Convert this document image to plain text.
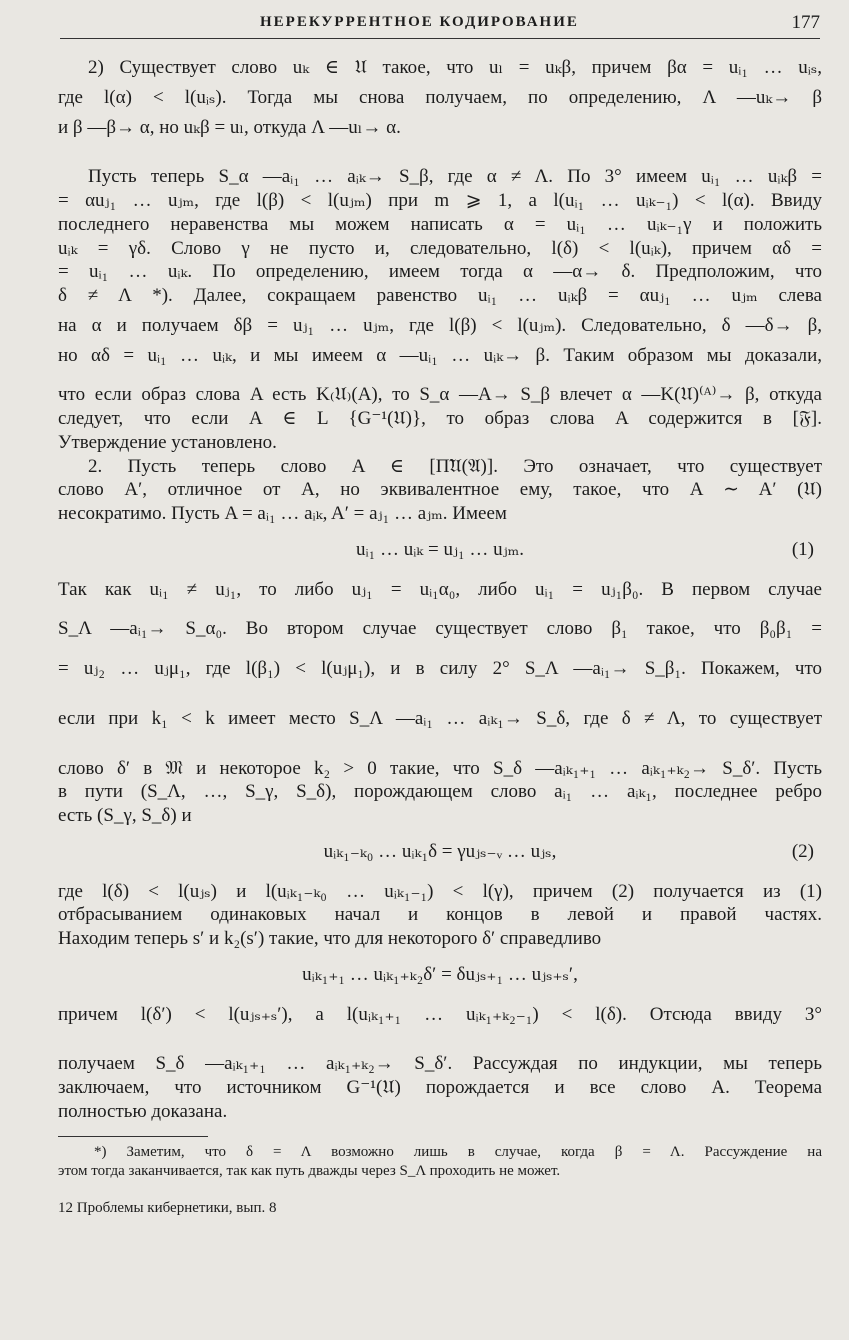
НЕРЕКУРРЕНТНОЕ КОДИРОВАНИЕ	177
2) Существует слово uₖ ∈ 𝔘 такое, что uₗ = uₖβ, причем βα = uᵢ₁ … uᵢₛ,
где l(α) < l(uᵢₛ). Тогда мы снова получаем, по определению, Λ —uₖ→ β
и β —β→ α, но uₖβ = uₗ, откуда Λ —uₗ→ α.
Пусть теперь S_α —aᵢ₁ … aᵢₖ→ S_β, где α ≠ Λ. По 3° имеем uᵢ₁ … uᵢₖβ =
= αuⱼ₁ … uⱼₘ, где l(β) < l(uⱼₘ) при m ⩾ 1, а l(uᵢ₁ … uᵢₖ₋₁) < l(α). Ввиду
последнего неравенства мы можем написать α = uᵢ₁ … uᵢₖ₋₁γ и положить
uᵢₖ = γδ. Слово γ не пусто и, следовательно, l(δ) < l(uᵢₖ), причем αδ =
= uᵢ₁ … uᵢₖ. По определению, имеем тогда α —α→ δ. Предположим, что
δ ≠ Λ *). Далее, сокращаем равенство uᵢ₁ … uᵢₖβ = αuⱼ₁ … uⱼₘ слева
на α и получаем δβ = uⱼ₁ … uⱼₘ, где l(β) < l(uⱼₘ). Следовательно, δ —δ→ β,
но αδ = uᵢ₁ … uᵢₖ, и мы имеем α —uᵢ₁ … uᵢₖ→ β. Таким образом мы доказали,
что если образ слова A есть K₍𝔘₎(A), то S_α —A→ S_β влечет α —K(𝔘)⁽ᴬ⁾→ β, откуда
следует, что если A ∈ L {G⁻¹(𝔘)}, то образ слова A содержится в [𝔉].
Утверждение установлено.
2. Пусть теперь слово A ∈ [Π̃𝔘(𝔄)]. Это означает, что существует
слово A′, отличное от A, но эквивалентное ему, такое, что A ∼ A′ (𝔘)
несократимо. Пусть A = aᵢ₁ … aᵢₖ, A′ = aⱼ₁ … aⱼₘ. Имеем
uᵢ₁ … uᵢₖ = uⱼ₁ … uⱼₘ.	(1)
Так как uᵢ₁ ≠ uⱼ₁, то либо uⱼ₁ = uᵢ₁α₀, либо uᵢ₁ = uⱼ₁β₀. В первом случае
S_Λ —aᵢ₁→ S_α₀. Во втором случае существует слово β₁ такое, что β₀β₁ =
= uⱼ₂ … uⱼμ₁, где l(β₁) < l(uⱼμ₁), и в силу 2° S_Λ —aᵢ₁→ S_β₁. Покажем, что
если при k₁ < k имеет место S_Λ —aᵢ₁ … aᵢₖ₁→ S_δ, где δ ≠ Λ, то существует
слово δ′ в 𝔐 и некоторое k₂ > 0 такие, что S_δ —aᵢₖ₁₊₁ … aᵢₖ₁₊ₖ₂→ S_δ′. Пусть
в пути (S_Λ, …, S_γ, S_δ), порождающем слово aᵢ₁ … aᵢₖ₁, последнее ребро
есть (S_γ, S_δ) и
uᵢₖ₁₋ₖ₀ … uᵢₖ₁δ = γuⱼₛ₋ᵥ … uⱼₛ,	(2)
где l(δ) < l(uⱼₛ) и l(uᵢₖ₁₋ₖ₀ … uᵢₖ₁₋₁) < l(γ), причем (2) получается из (1)
отбрасыванием одинаковых начал и концов в левой и правой частях.
Находим теперь s′ и k₂(s′) такие, что для некоторого δ′ справедливо
uᵢₖ₁₊₁ … uᵢₖ₁₊ₖ₂δ′ = δuⱼₛ₊₁ … uⱼₛ₊ₛ′,
причем l(δ′) < l(uⱼₛ₊ₛ′), а l(uᵢₖ₁₊₁ … uᵢₖ₁₊ₖ₂₋₁) < l(δ). Отсюда ввиду 3°
получаем S_δ —aᵢₖ₁₊₁ … aᵢₖ₁₊ₖ₂→ S_δ′. Рассуждая по индукции, мы теперь
заключаем, что источником G⁻¹(𝔘) порождается и все слово A. Теорема
полностью доказана.
*) Заметим, что δ = Λ возможно лишь в случае, когда β = Λ. Рассуждение на
этом тогда заканчивается, так как путь дважды через S_Λ проходить не может.
12 Проблемы кибернетики, вып. 8
